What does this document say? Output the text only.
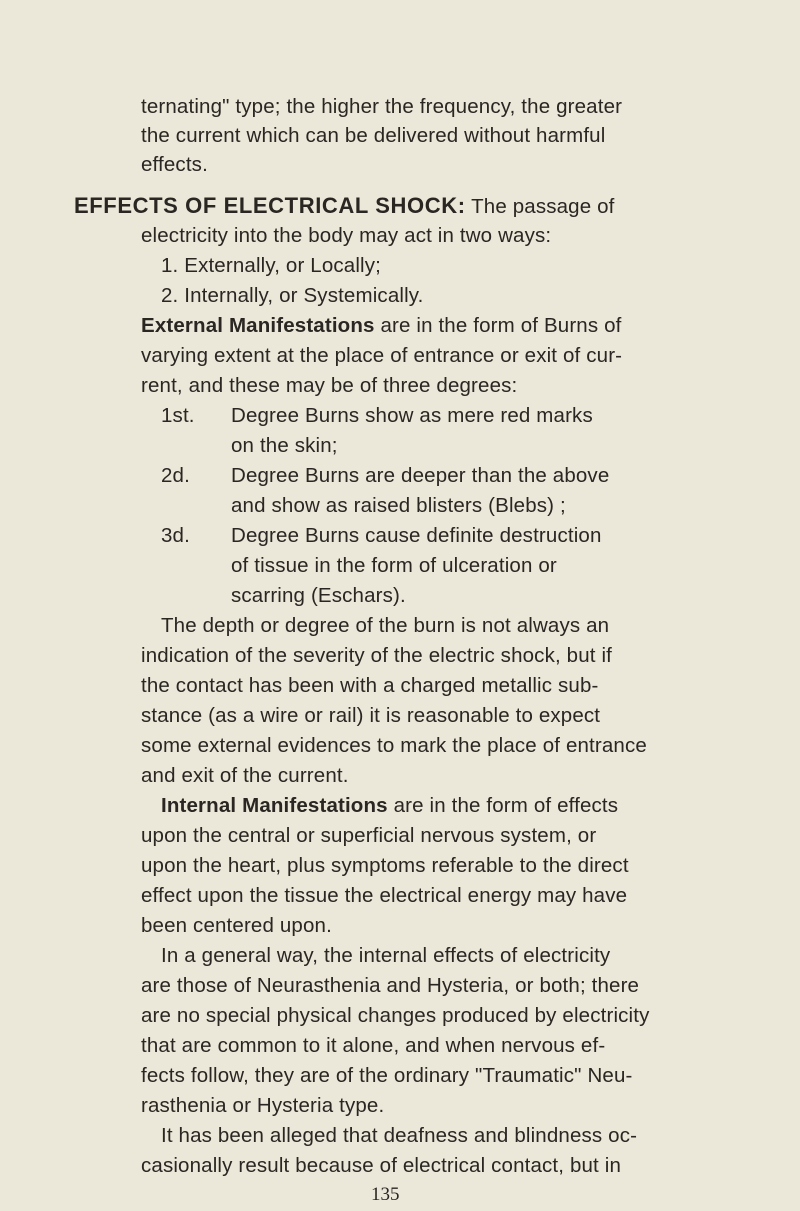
ternating" type; the higher the frequency, the greater
the current which can be delivered without harmful
effects.
EFFECTS OF ELECTRICAL SHOCK: The passage of
electricity into the body may act in two ways:
1. Externally, or Locally;
2. Internally, or Systemically.
External Manifestations are in the form of Burns of
varying extent at the place of entrance or exit of cur-
rent, and these may be of three degrees:
1st. Degree Burns show as mere red marks
on the skin;
2d. Degree Burns are deeper than the above
and show as raised blisters (Blebs) ;
3d. Degree Burns cause definite destruction
of tissue in the form of ulceration or
scarring (Eschars).
The depth or degree of the burn is not always an
indication of the severity of the electric shock, but if
the contact has been with a charged metallic sub-
stance (as a wire or rail) it is reasonable to expect
some external evidences to mark the place of entrance
and exit of the current.
Internal Manifestations are in the form of effects
upon the central or superficial nervous system, or
upon the heart, plus symptoms referable to the direct
effect upon the tissue the electrical energy may have
been centered upon.
In a general way, the internal effects of electricity
are those of Neurasthenia and Hysteria, or both; there
are no special physical changes produced by electricity
that are common to it alone, and when nervous ef-
fects follow, they are of the ordinary "Traumatic" Neu-
rasthenia or Hysteria type.
It has been alleged that deafness and blindness oc-
casionally result because of electrical contact, but in
135
